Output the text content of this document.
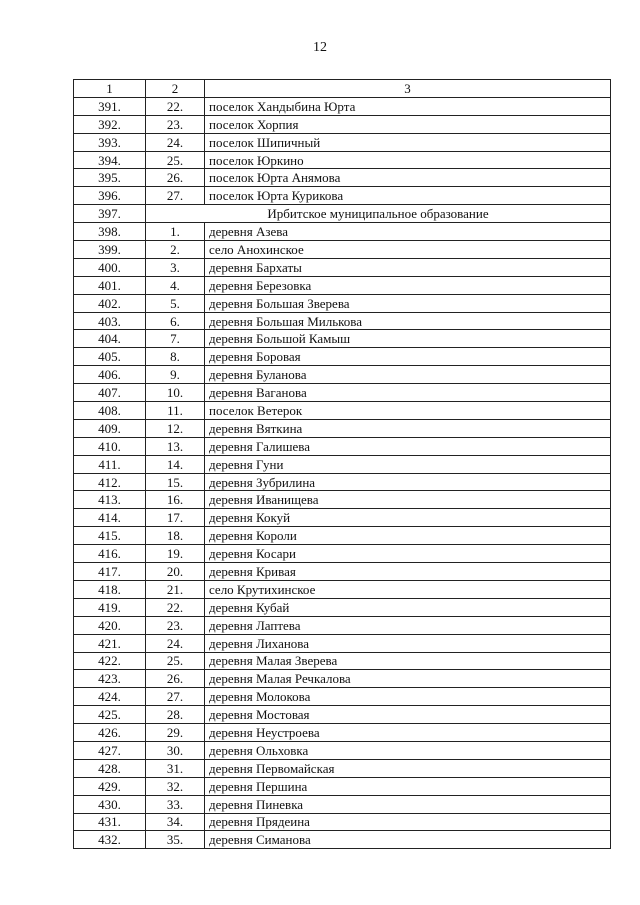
12
1	2	3
391.	22.	поселок Хандыбина Юрта
392.	23.	поселок Хорпия
393.	24.	поселок Шипичный
394.	25.	поселок Юркино
395.	26.	поселок Юрта Анямова
396.	27.	поселок Юрта Курикова
397.	Ирбитское муниципальное образование	
398.	1.	деревня Азева
399.	2.	село Анохинское
400.	3.	деревня Бархаты
401.	4.	деревня Березовка
402.	5.	деревня Большая Зверева
403.	6.	деревня Большая Милькова
404.	7.	деревня Большой Камыш
405.	8.	деревня Боровая
406.	9.	деревня Буланова
407.	10.	деревня Ваганова
408.	11.	поселок Ветерок
409.	12.	деревня Вяткина
410.	13.	деревня Галишева
411.	14.	деревня Гуни
412.	15.	деревня Зубрилина
413.	16.	деревня Иванищева
414.	17.	деревня Кокуй
415.	18.	деревня Короли
416.	19.	деревня Косари
417.	20.	деревня Кривая
418.	21.	село Крутихинское
419.	22.	деревня Кубай
420.	23.	деревня Лаптева
421.	24.	деревня Лиханова
422.	25.	деревня Малая Зверева
423.	26.	деревня Малая Речкалова
424.	27.	деревня Молокова
425.	28.	деревня Мостовая
426.	29.	деревня Неустроева
427.	30.	деревня Ольховка
428.	31.	деревня Первомайская
429.	32.	деревня Першина
430.	33.	деревня Пиневка
431.	34.	деревня Прядеина
432.	35.	деревня Симанова
